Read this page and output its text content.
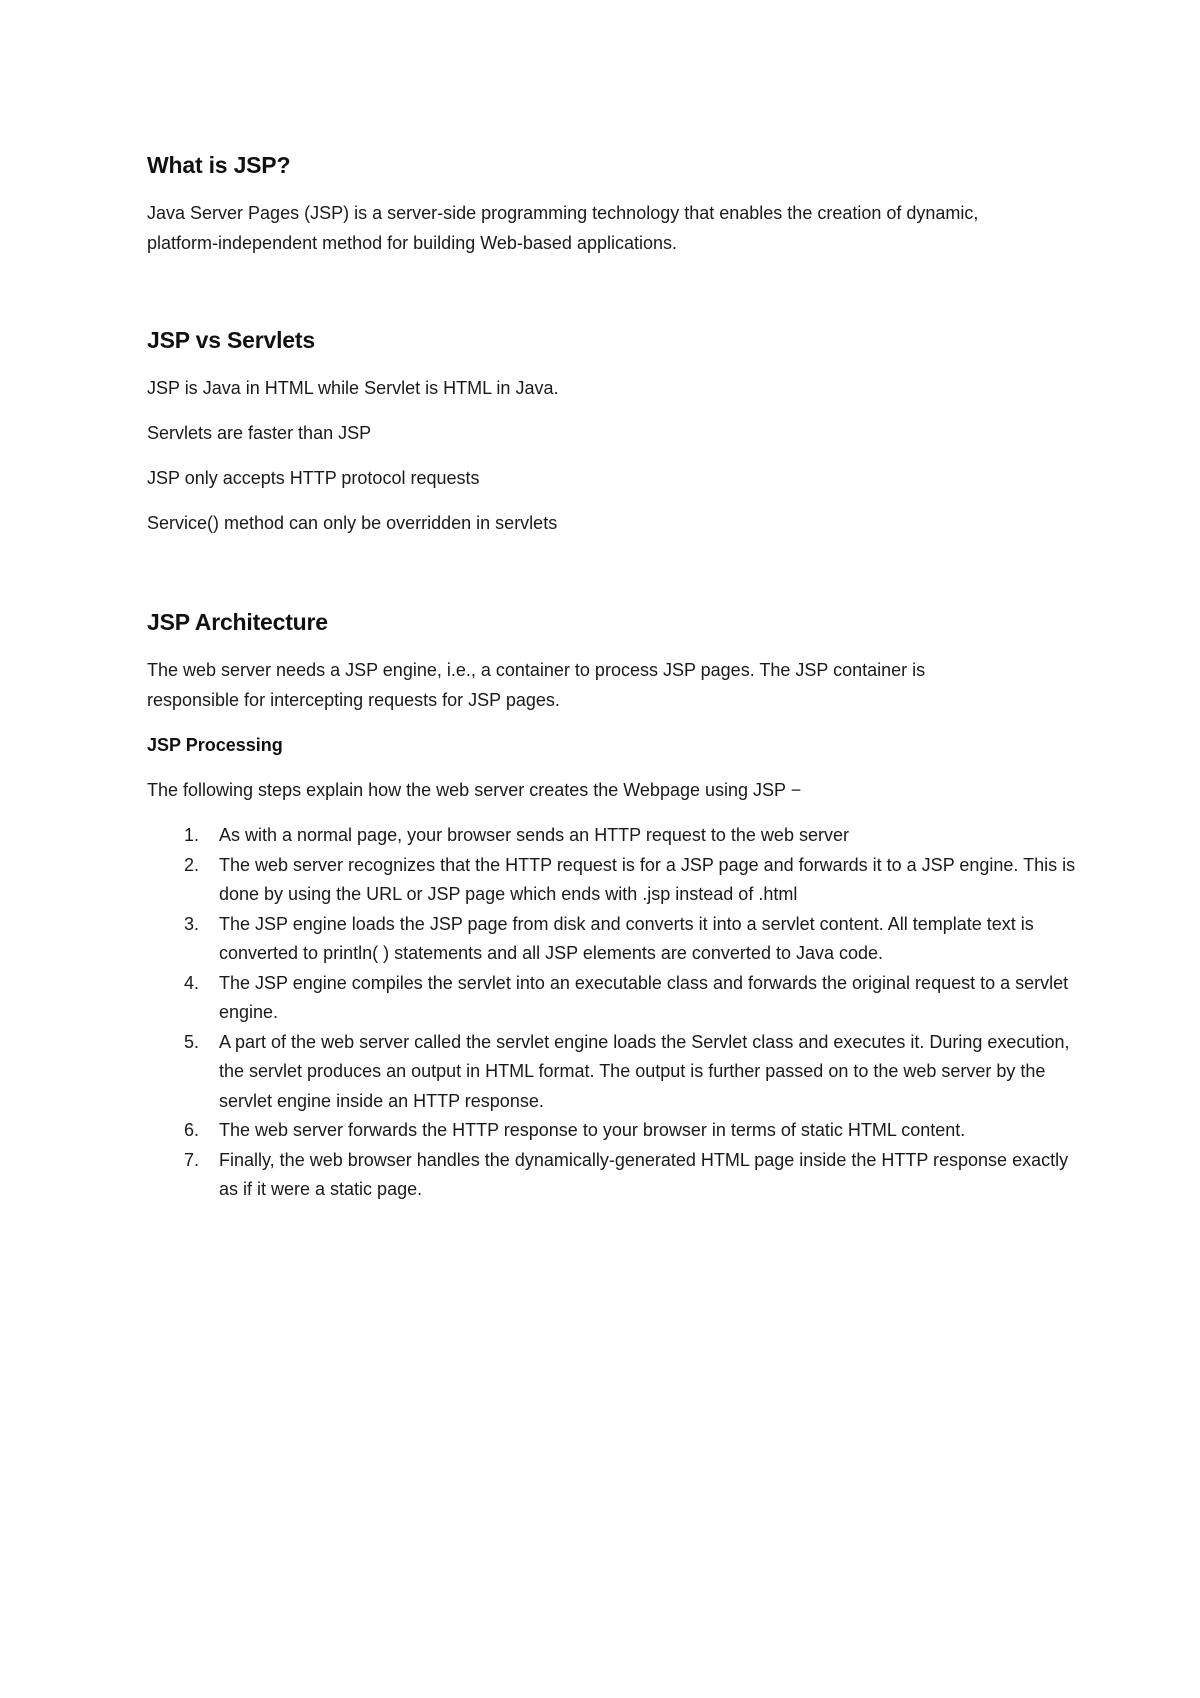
What is JSP?

Java Server Pages (JSP) is a server-side programming technology that enables the creation of dynamic, platform-independent method for building Web-based applications.

JSP vs Servlets

JSP is Java in HTML while Servlet is HTML in Java.

Servlets are faster than JSP

JSP only accepts HTTP protocol requests

Service() method can only be overridden in servlets

JSP Architecture

The web server needs a JSP engine, i.e., a container to process JSP pages. The JSP container is responsible for intercepting requests for JSP pages.

JSP Processing

The following steps explain how the web server creates the Webpage using JSP −

1. As with a normal page, your browser sends an HTTP request to the web server
2. The web server recognizes that the HTTP request is for a JSP page and forwards it to a JSP engine. This is done by using the URL or JSP page which ends with .jsp instead of .html
3. The JSP engine loads the JSP page from disk and converts it into a servlet content. All template text is converted to println( ) statements and all JSP elements are converted to Java code.
4. The JSP engine compiles the servlet into an executable class and forwards the original request to a servlet engine.
5. A part of the web server called the servlet engine loads the Servlet class and executes it. During execution, the servlet produces an output in HTML format. The output is further passed on to the web server by the servlet engine inside an HTTP response.
6. The web server forwards the HTTP response to your browser in terms of static HTML content.
7. Finally, the web browser handles the dynamically-generated HTML page inside the HTTP response exactly as if it were a static page.
